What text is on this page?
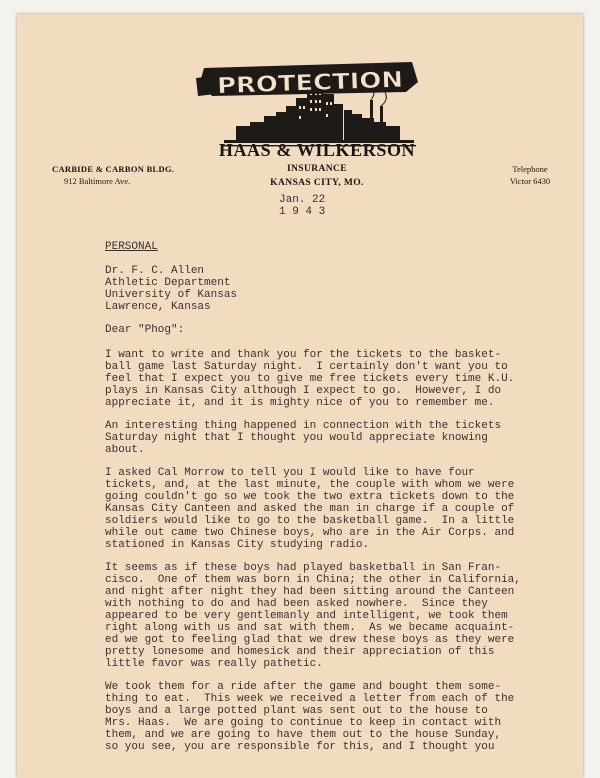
PROTECTION
HAAS & WILKERSON
INSURANCE
KANSAS CITY, MO.
CARBIDE & CARBON BLDG.
912 Baltimore Ave.
Telephone
Victor 6430
Jan. 22
1 9 4 3
PERSONAL
Dr. F. C. Allen
Athletic Department
University of Kansas
Lawrence, Kansas
Dear "Phog":
I want to write and thank you for the tickets to the basket-
ball game last Saturday night.  I certainly don't want you to
feel that I expect you to give me free tickets every time K.U.
plays in Kansas City although I expect to go.  However, I do
appreciate it, and it is mighty nice of you to remember me.
An interesting thing happened in connection with the tickets
Saturday night that I thought you would appreciate knowing
about.
I asked Cal Morrow to tell you I would like to have four
tickets, and, at the last minute, the couple with whom we were
going couldn't go so we took the two extra tickets down to the
Kansas City Canteen and asked the man in charge if a couple of
soldiers would like to go to the basketball game.  In a little
while out came two Chinese boys, who are in the Air Corps. and
stationed in Kansas City studying radio.
It seems as if these boys had played basketball in San Fran-
cisco.  One of them was born in China; the other in California,
and night after night they had been sitting around the Canteen
with nothing to do and had been asked nowhere.  Since they
appeared to be very gentlemanly and intelligent, we took them
right along with us and sat with them.  As we became acquaint-
ed we got to feeling glad that we drew these boys as they were
pretty lonesome and homesick and their appreciation of this
little favor was really pathetic.
We took them for a ride after the game and bought them some-
thing to eat.  This week we received a letter from each of the
boys and a large potted plant was sent out to the house to
Mrs. Haas.  We are going to continue to keep in contact with
them, and we are going to have them out to the house Sunday,
so you see, you are responsible for this, and I thought you
